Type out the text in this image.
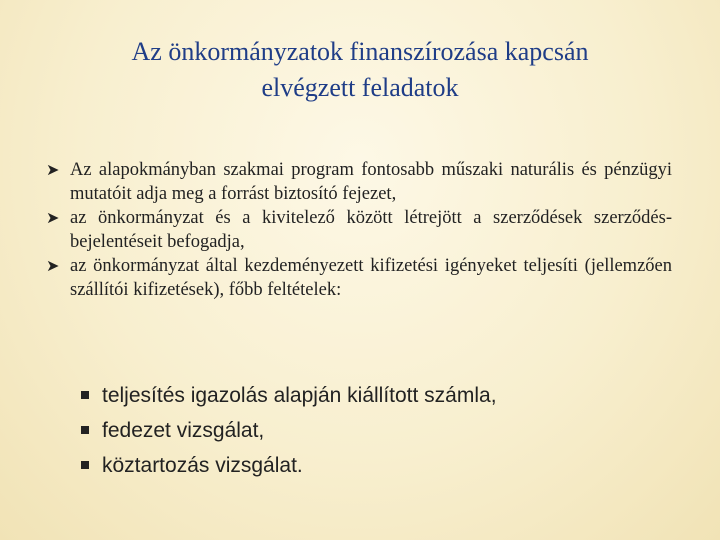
Az önkormányzatok finanszírozása kapcsán
elvégzett feladatok
➤ Az alapokmányban szakmai program fontosabb műszaki naturális és pénzügyi mutatóit adja meg a forrást biztosító fejezet,
➤ az önkormányzat és a kivitelező között létrejött a szerződések szerződés-bejelentéseit befogadja,
➤ az önkormányzat által kezdeményezett kifizetési igényeket teljesíti (jellemzően szállítói kifizetések), főbb feltételek:
teljesítés igazolás alapján kiállított számla,
fedezet vizsgálat,
köztartozás vizsgálat.
